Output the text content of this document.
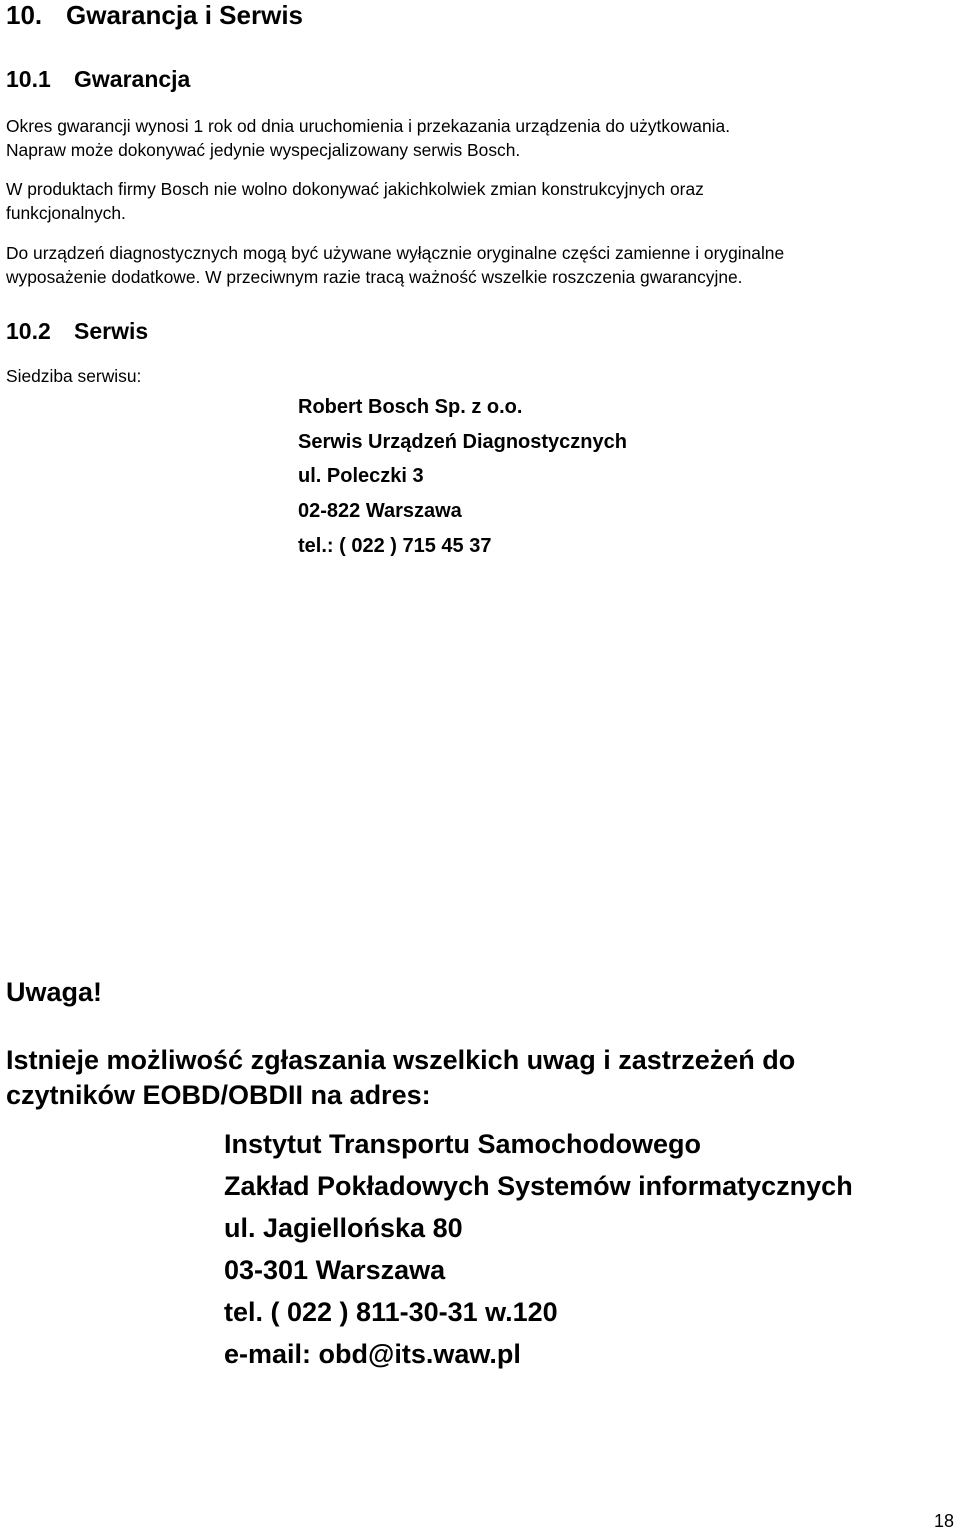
10. Gwarancja i Serwis
10.1 Gwarancja
Okres gwarancji wynosi 1 rok od dnia uruchomienia i przekazania urządzenia do użytkowania.
Napraw może dokonywać jedynie wyspecjalizowany serwis Bosch.
W produktach firmy Bosch nie wolno dokonywać jakichkolwiek zmian konstrukcyjnych oraz
funkcjonalnych.
Do urządzeń diagnostycznych mogą być używane wyłącznie oryginalne części zamienne i oryginalne
wyposażenie dodatkowe. W przeciwnym razie tracą ważność wszelkie roszczenia gwarancyjne.
10.2 Serwis
Siedziba serwisu:
Robert Bosch Sp. z o.o.
Serwis Urządzeń Diagnostycznych
ul. Poleczki 3
02-822 Warszawa
tel.: ( 022 ) 715 45 37
Uwaga!
Istnieje możliwość zgłaszania wszelkich uwag i zastrzeżeń do
czytników EOBD/OBDII na adres:
Instytut Transportu Samochodowego
Zakład Pokładowych Systemów informatycznych
ul. Jagiellońska 80
03-301 Warszawa
tel. ( 022 ) 811-30-31 w.120
e-mail: obd@its.waw.pl
18
